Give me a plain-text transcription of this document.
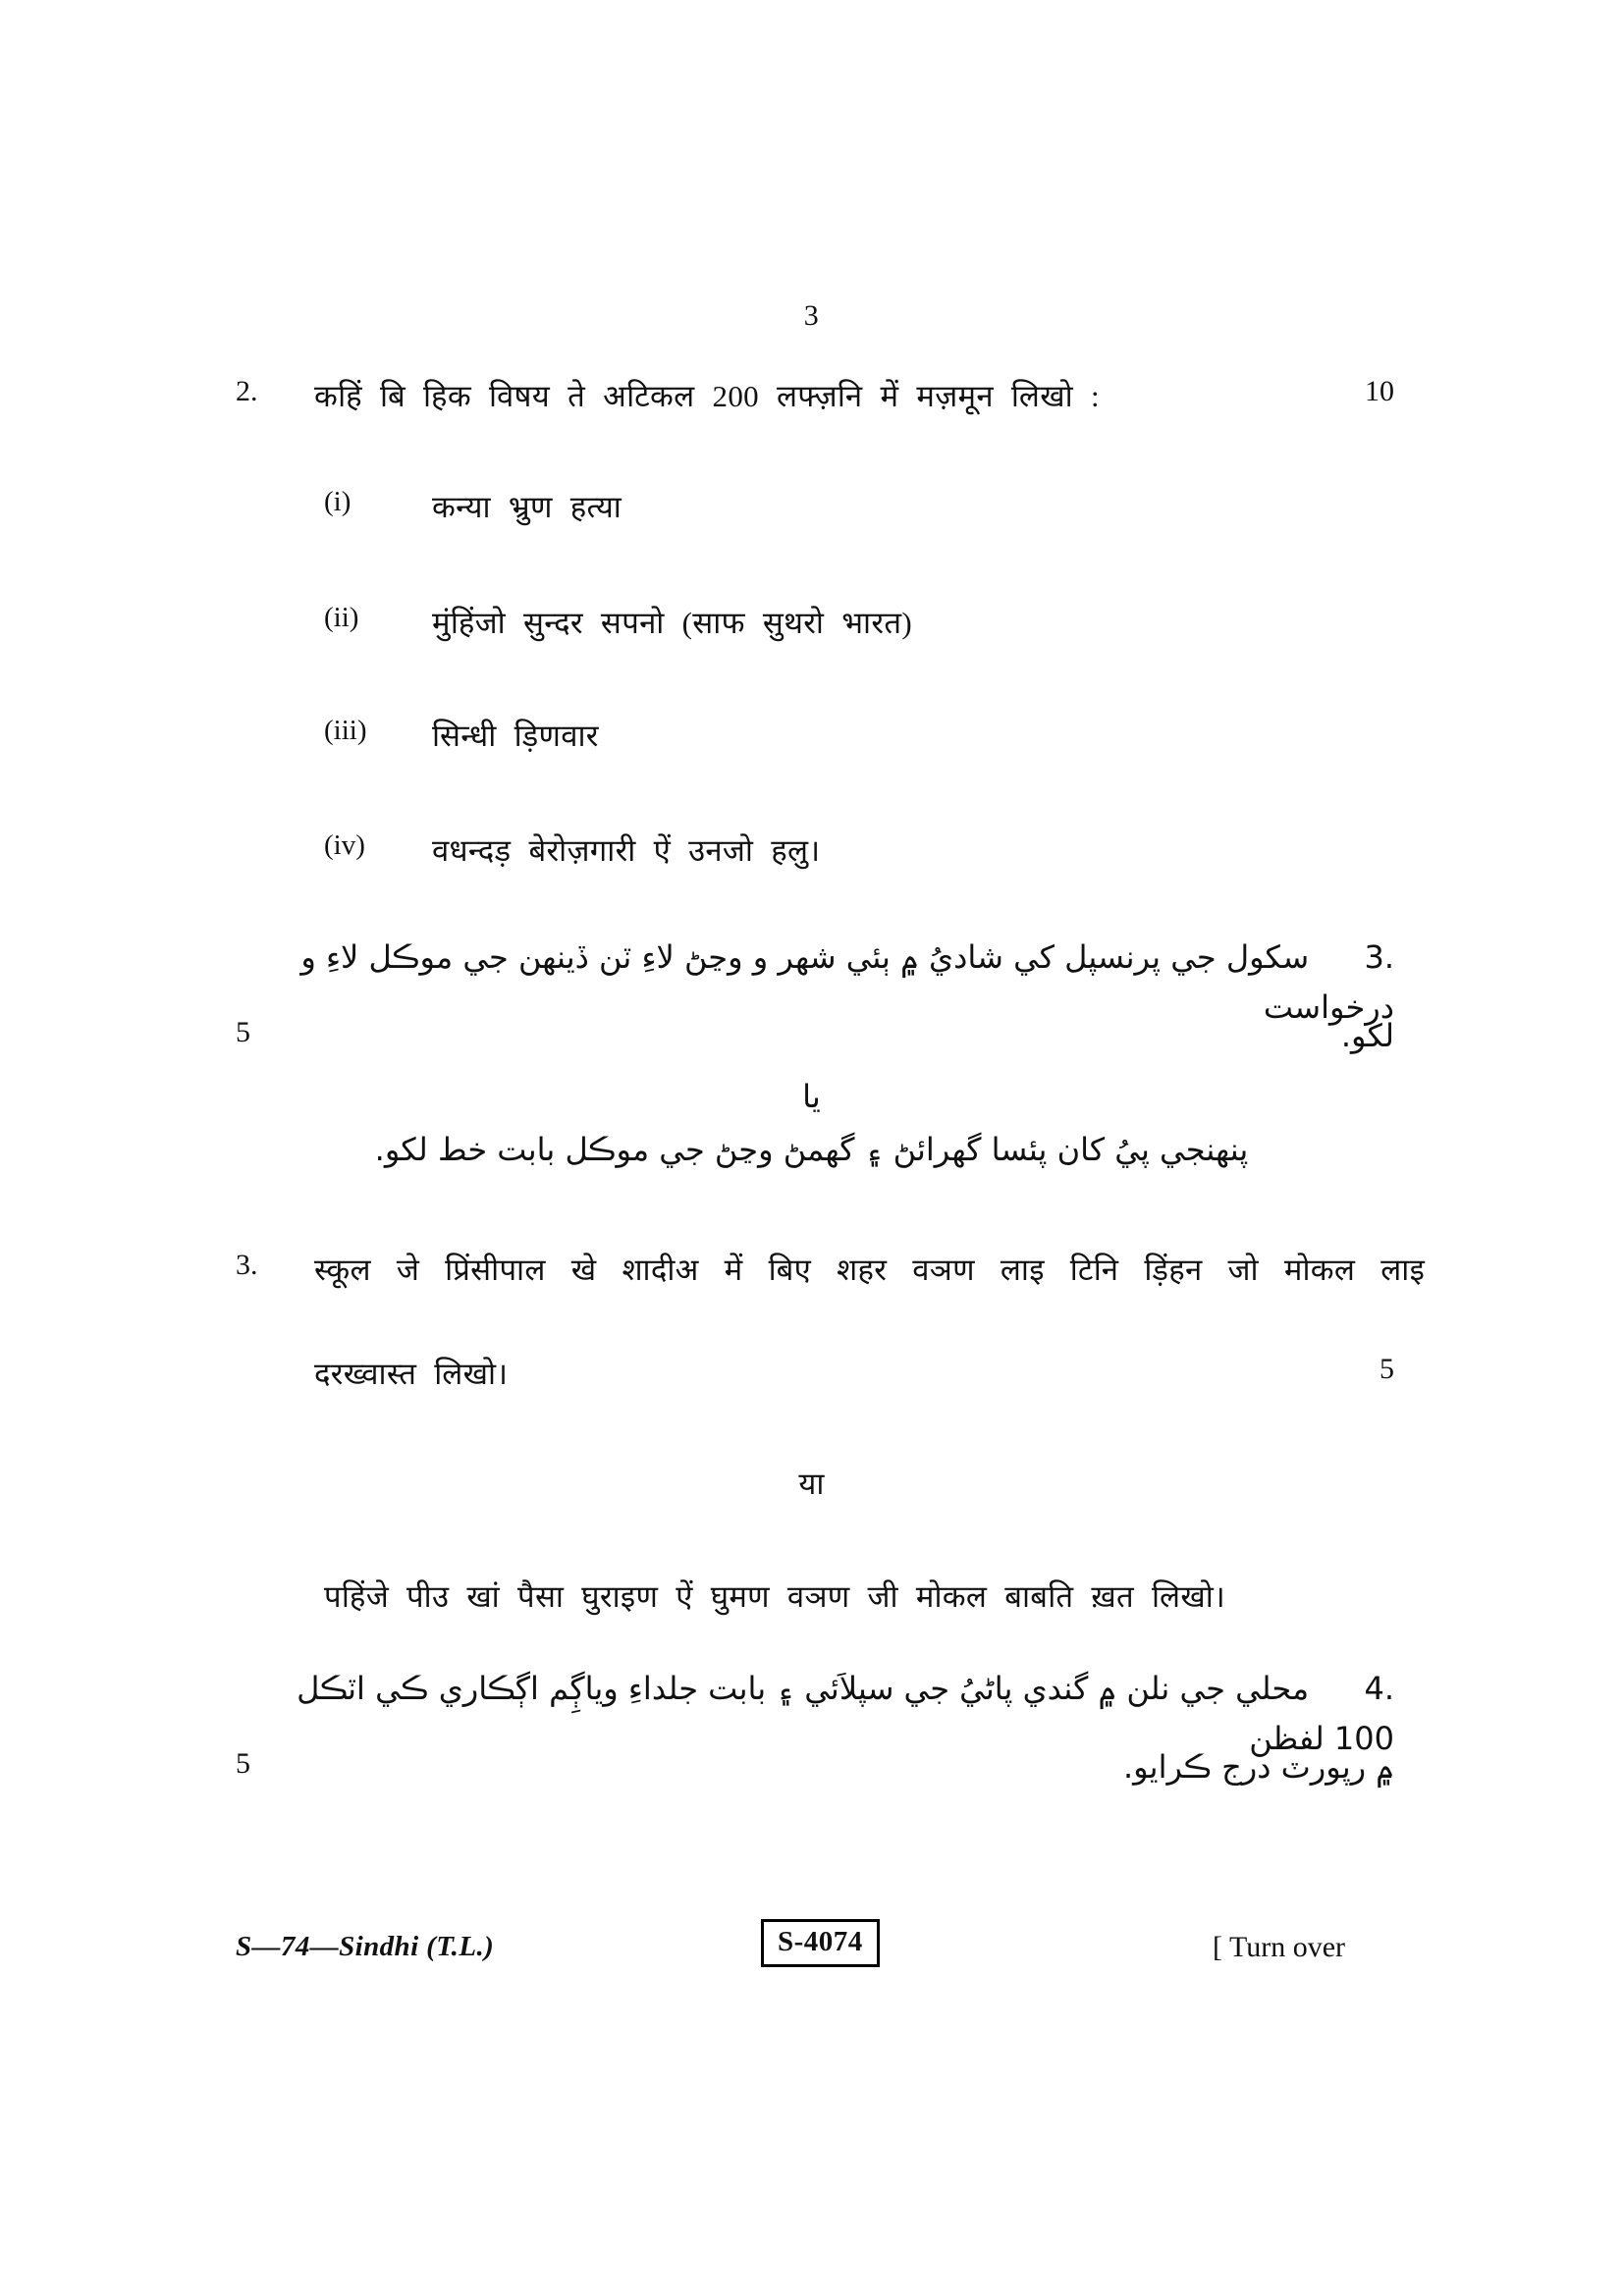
3
2.	कहिं बि हिक विषय ते अटिकल 200 लफ्ज़नि में मज़मून लिखो :	10
(i)	कन्या भ्रुण हत्या
(ii)	मुंहिंजो सुन्दर सपनो (साफ सुथरो भारत)
(iii)	सिन्धी ड़िणवार
(iv)	वधन्दड़ बेरोज़गारी ऐं उनजो हलु।
.3  سکول جي پرنسپل کي شاديُ ۾ ٻئي شهر و وڃڻ لاءِ ٽن ڏينهن جي موڪل لاءِ و درخواست
لکو.
5
يا
پنهنجي پيُ کان پئسا گهرائڻ ۽ گهمڻ وڃڻ جي موڪل بابت خط لکو.
3.	स्कूल जे प्रिंसीपाल खे शादीअ में बिए शहर वञण लाइ टिनि ड़िंहन जो मोकल लाइ
दरख्वास्त लिखो।	5
या
पहिंजे पीउ खां पैसा घुराइण ऐं घुमण वञण जी मोकल बाबति ख़त लिखो।
.4  محلي جي نلن ۾ گندي پاڻيُ جي سپلاَئي ۽ بابت جلداءِ وياڳِم اڳڪاري ڪي اٽڪل 100 لفظن
۾ رپورٽ درج ڪرايو.
5
S—74—Sindhi (T.L.)	S-4074	[ Turn over
